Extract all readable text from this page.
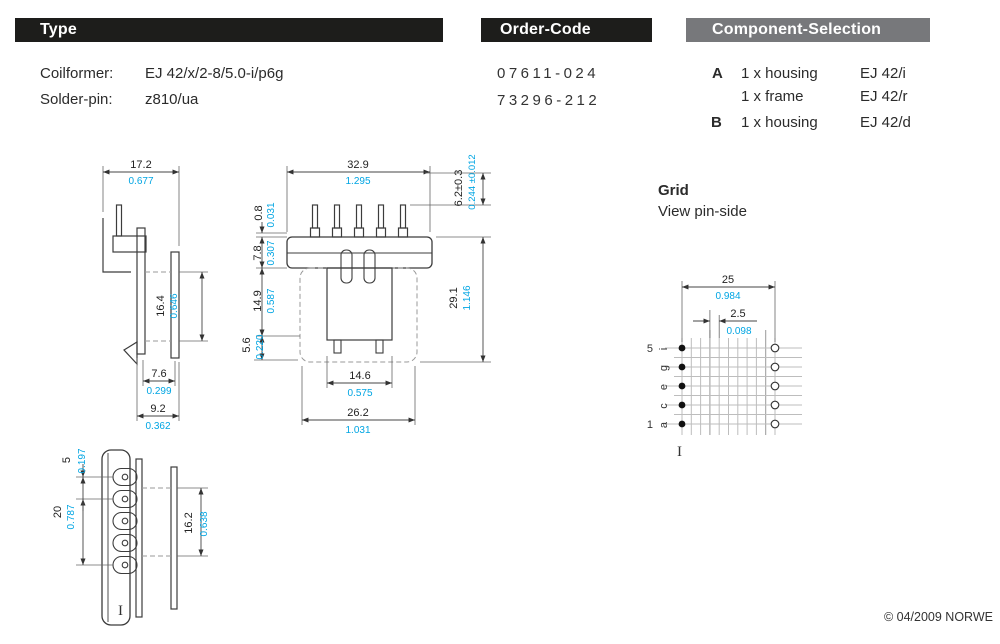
Type	Order-Code	Component-Selection
Coilformer: EJ 42/x/2-8/5.0-i/p6g
Solder-pin: z810/ua
07611-024
73296-212
A 1 x housing	EJ 42/i
1 x frame	EJ 42/r
B 1 x housing	EJ 42/d
Grid
View pin-side
© 04/2009 NORWE
17.2
0.677
16.4 0.646
7.6
0.299
9.2
0.362
32.9
1.295	6.2±0.3 0.244 ±0.012
29.1 1.146
0.8 0.031
7.8 0.307
14.9 0.587
5.6 0.220
14.6
0.575
26.2
1.031
5 0.197
20 0.787	16.2 0.638
I
5
1
i
g
e
c
a
25
0.984
2.5
0.098
I
